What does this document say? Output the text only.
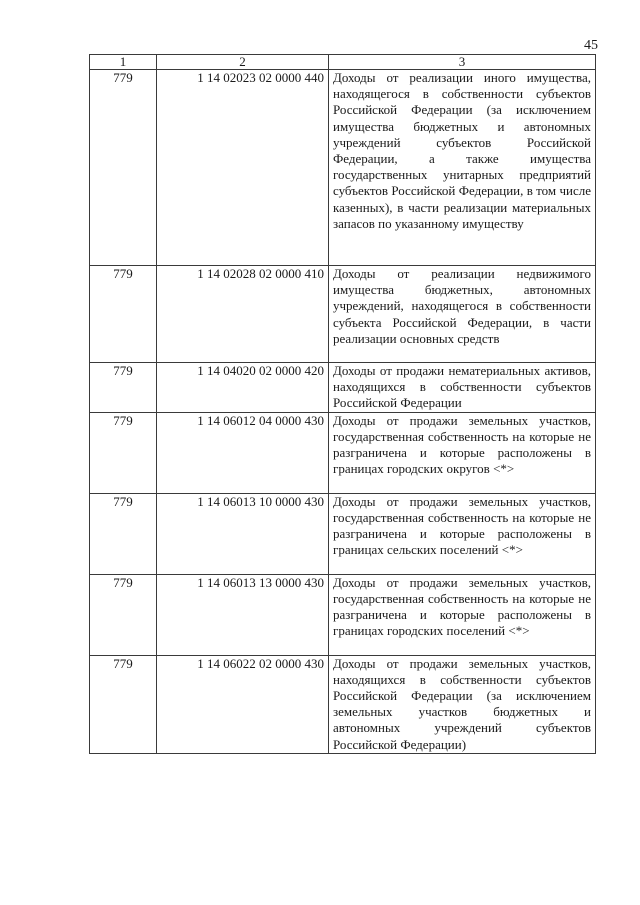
45
1	2	3
779	1 14 02023 02 0000 440	Доходы от реализации иного имущества, находящегося в собственности субъектов Российской Федерации (за исключением имущества бюджетных и автономных учреждений субъектов Российской Федерации, а также имущества государственных унитарных предприятий субъектов Российской Федерации, в том числе казенных), в части реализации материальных запасов по указанному имуществу
779	1 14 02028 02 0000 410	Доходы от реализации недвижимого имущества бюджетных, автономных учреждений, находящегося в собственности субъекта Российской Федерации, в части реализации основных средств
779	1 14 04020 02 0000 420	Доходы от продажи нематериальных активов, находящихся в собственности субъектов Российской Федерации
779	1 14 06012 04 0000 430	Доходы от продажи земельных участков, государственная собственность на которые не разграничена и которые расположены в границах городских округов <*>
779	1 14 06013 10 0000 430	Доходы от продажи земельных участков, государственная собственность на которые не разграничена и которые расположены в границах сельских поселений <*>
779	1 14 06013 13 0000 430	Доходы от продажи земельных участков, государственная собственность на которые не разграничена и которые расположены в границах городских поселений <*>
779	1 14 06022 02 0000 430	Доходы от продажи земельных участков, находящихся в собственности субъектов Российской Федерации (за исключением земельных участков бюджетных и автономных учреждений субъектов Российской Федерации)
